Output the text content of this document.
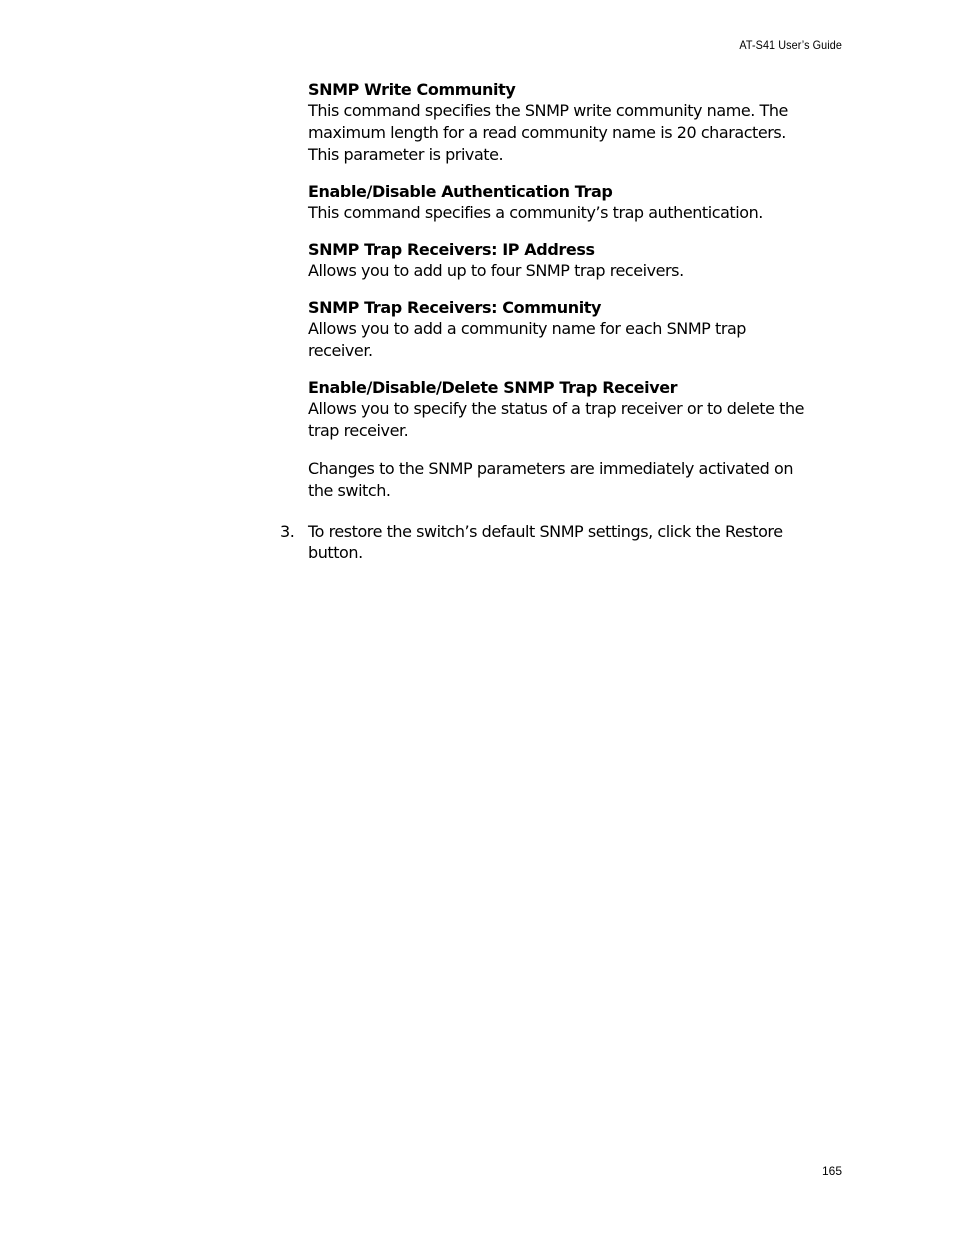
AT-S41 User’s Guide
SNMP Write Community
This command specifies the SNMP write community name. The
maximum length for a read community name is 20 characters.
This parameter is private.
Enable/Disable Authentication Trap
This command specifies a community’s trap authentication.
SNMP Trap Receivers: IP Address
Allows you to add up to four SNMP trap receivers.
SNMP Trap Receivers: Community
Allows you to add a community name for each SNMP trap
receiver.
Enable/Disable/Delete SNMP Trap Receiver
Allows you to specify the status of a trap receiver or to delete the
trap receiver.
Changes to the SNMP parameters are immediately activated on
the switch.
3. To restore the switch’s default SNMP settings, click the Restore
button.
165
